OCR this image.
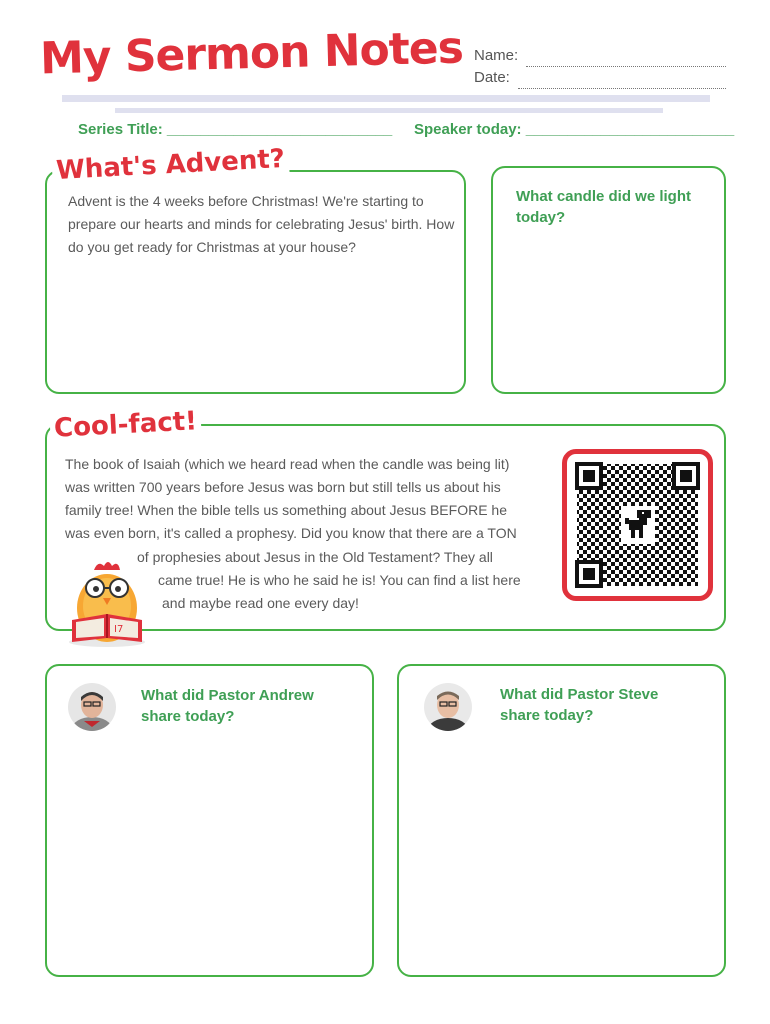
My Sermon Notes Name:
Date:
Series Title: ___________________________ Speaker today: _________________________
What's Advent?
Advent is the 4 weeks before Christmas! We're starting to prepare our hearts and minds for celebrating Jesus' birth. How do you get ready for Christmas at your house?
What candle did we light today?
Cool-fact!
The book of Isaiah (which we heard read when the candle was being lit)
was written 700 years before Jesus was born but still tells us about his
family tree! When the bible tells us something about Jesus BEFORE he
was even born, it's called a prophesy. Did you know that there are a TON
of prophesies about Jesus in the Old Testament? They all
came true! He is who he said he is! You can find a list here
and maybe read one every day!
I7
What did Pastor Andrew share today?
What did Pastor Steve share today?
